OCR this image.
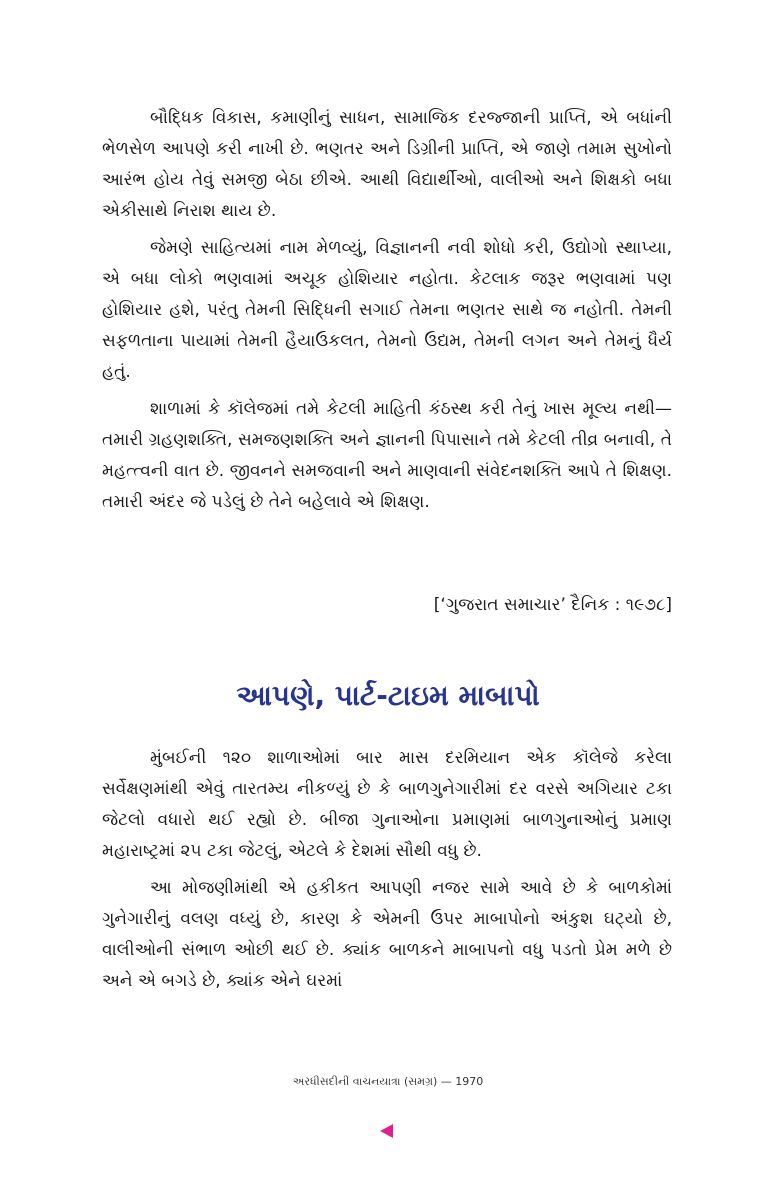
બૌદ્ધિક વિકાસ, કમાણીનું સાધન, સામાજિક દરજ્જાની પ્રાપ્તિ, એ બધાંની ભેળસેળ આપણે કરી નાખી છે. ભણતર અને ડિગ્રીની પ્રાપ્તિ, એ જાણે તમામ સુખોનો આરંભ હોય તેવું સમજી બેઠા છીએ. આથી વિદ્યાર્થીઓ, વાલીઓ અને શિક્ષકો બધા એકીસાથે નિરાશ થાય છે.

જેમણે સાહિત્યમાં નામ મેળવ્યું, વિજ્ઞાનની નવી શોધો કરી, ઉદ્યોગો સ્થાપ્યા, એ બધા લોકો ભણવામાં અચૂક હોશિયાર નહોતા. કેટલાક જરૂર ભણવામાં પણ હોશિયાર હશે, પરંતુ તેમની સિદ્ધિની સગાઈ તેમના ભણતર સાથે જ નહોતી. તેમની સફળતાના પાયામાં તેમની હૈયાઉકલત, તેમનો ઉદ્યમ, તેમની લગન અને તેમનું ધૈર્ય હતું.

શાળામાં કે કૉલેજમાં તમે કેટલી માહિતી કંઠસ્થ કરી તેનું ખાસ મૂલ્ય નથી—તમારી ગ્રહણશક્તિ, સમજણશક્તિ અને જ્ઞાનની પિપાસાને તમે કેટલી તીવ્ર બનાવી, તે મહત્ત્વની વાત છે. જીવનને સમજવાની અને માણવાની સંવેદનશક્તિ આપે તે શિક્ષણ. તમારી અંદર જે પડેલું છે તેને બહેલાવે એ શિક્ષણ.

[‘ગુજરાત સમાચાર’ દૈનિક : ૧૯૭૮]
આપણે, પાર્ટ-ટાઇમ માબાપો

મુંબઈની ૧૨૦ શાળાઓમાં બાર માસ દરમિયાન એક કૉલેજે કરેલા સર્વેક્ષણમાંથી એવું તારતમ્ય નીકળ્યું છે કે બાળગુનેગારીમાં દર વરસે અગિયાર ટકા જેટલો વધારો થઈ રહ્યો છે. બીજા ગુનાઓના પ્રમાણમાં બાળગુનાઓનું પ્રમાણ મહારાષ્ટ્રમાં ૨૫ ટકા જેટલું, એટલે કે દેશમાં સૌથી વધુ છે.

આ મોજણીમાંથી એ હકીકત આપણી નજર સામે આવે છે કે બાળકોમાં ગુનેગારીનું વલણ વધ્યું છે, કારણ કે એમની ઉપર માબાપોનો અંકુશ ઘટ્યો છે, વાલીઓની સંભાળ ઓછી થઈ છે. ક્યાંક બાળકને માબાપનો વધુ પડતો પ્રેમ મળે છે અને એ બગડે છે, ક્યાંક એને ઘરમાં

અરધીસદીની વાચનયાત્રા (સમગ્ર) — 1970
